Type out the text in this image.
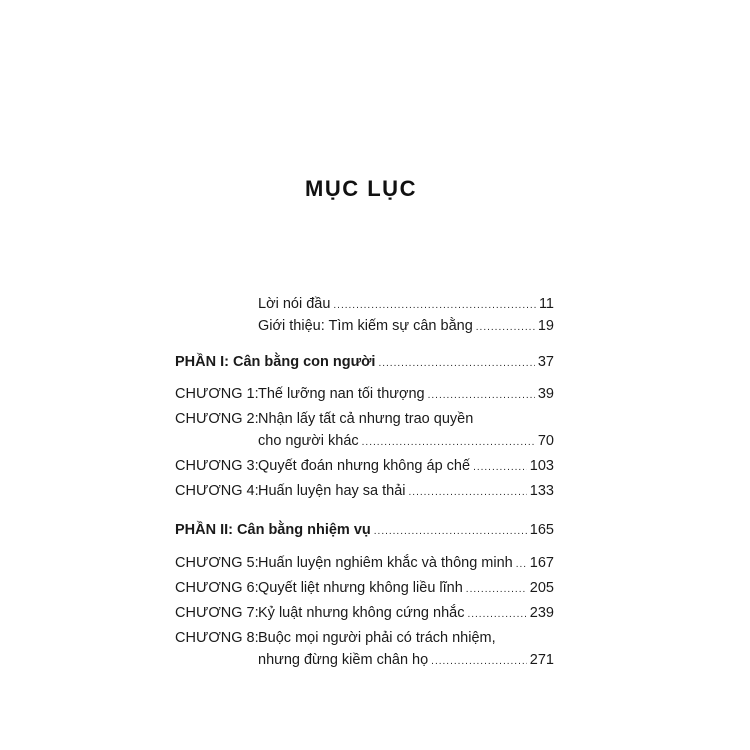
MỤC LỤC
Lời nói đầu .....	11
Giới thiệu: Tìm kiếm sự cân bằng .....	19
PHẦN I: Cân bằng con người .....	37
CHƯƠNG 1: Thế lưỡng nan tối thượng .....	39
CHƯƠNG 2: Nhận lấy tất cả nhưng trao quyền
cho người khác .....	70
CHƯƠNG 3: Quyết đoán nhưng không áp chế .....	103
CHƯƠNG 4: Huấn luyện hay sa thải .....	133
PHẦN II: Cân bằng nhiệm vụ .....	165
CHƯƠNG 5: Huấn luyện nghiêm khắc và thông minh ..... 167
CHƯƠNG 6: Quyết liệt nhưng không liều lĩnh .....	205
CHƯƠNG 7: Kỷ luật nhưng không cứng nhắc .....	239
CHƯƠNG 8: Buộc mọi người phải có trách nhiệm,
nhưng đừng kiềm chân họ .....	271
